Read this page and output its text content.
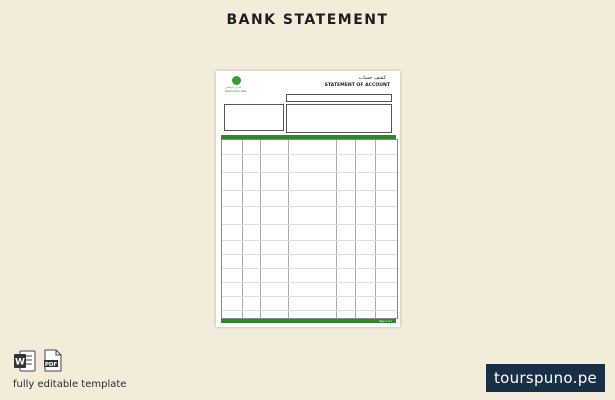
BANK STATEMENT
بنك دبي الإسلامي
Dubai Islamic Bank
كشف حساب
STATEMENT OF ACCOUNT
Page 1 of 1
W	PDF
fully editable template	tourspuno.pe
